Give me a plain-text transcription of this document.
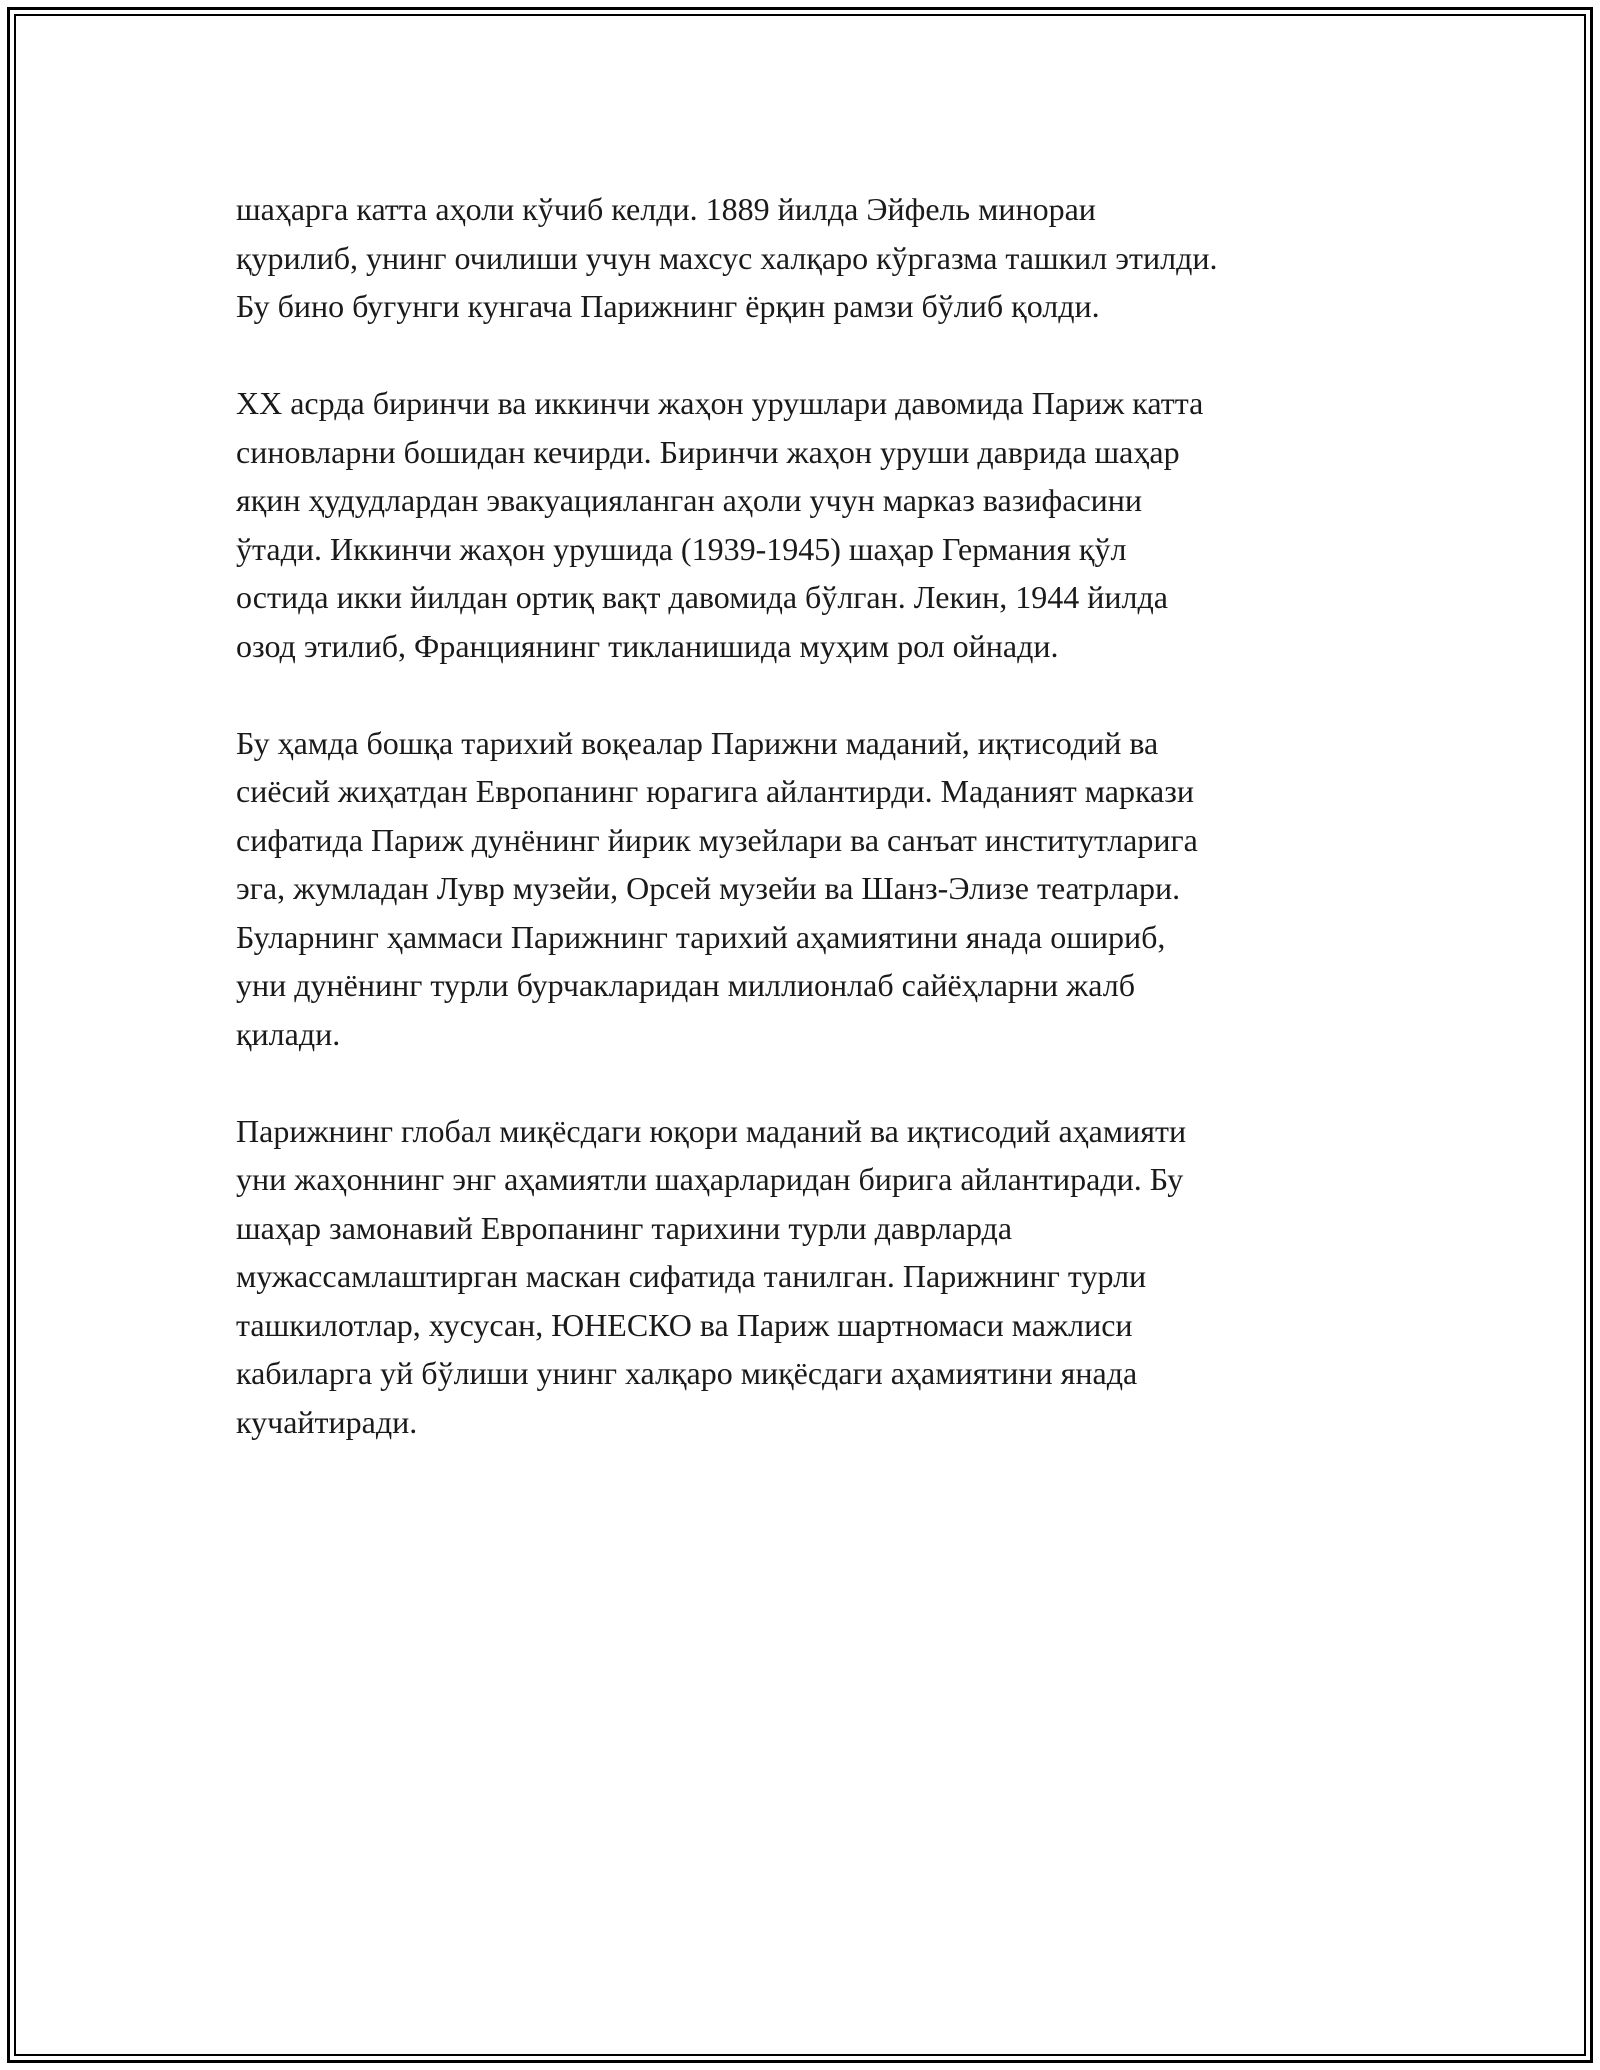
шаҳарга катта аҳоли кўчиб келди. 1889 йилда Эйфель минораи
қурилиб, унинг очилиши учун махсус халқаро кўргазма ташкил этилди.
Бу бино бугунги кунгача Парижнинг ёрқин рамзи бўлиб қолди.

XX асрда биринчи ва иккинчи жаҳон урушлари давомида Париж катта
синовларни бошидан кечирди. Биринчи жаҳон уруши даврида шаҳар
яқин ҳудудлардан эвакуацияланган аҳоли учун марказ вазифасини
ўтади. Иккинчи жаҳон урушида (1939-1945) шаҳар Германия қўл
остида икки йилдан ортиқ вақт давомида бўлган. Лекин, 1944 йилда
озод этилиб, Франциянинг тикланишида муҳим рол ойнади.

Бу ҳамда бошқа тарихий воқеалар Парижни маданий, иқтисодий ва
сиёсий жиҳатдан Европанинг юрагига айлантирди. Маданият маркази
сифатида Париж дунёнинг йирик музейлари ва санъат институтларига
эга, жумладан Лувр музейи, Орсей музейи ва Шанз-Элизе театрлари.
Буларнинг ҳаммаси Парижнинг тарихий аҳамиятини янада ошириб,
уни дунёнинг турли бурчакларидан миллионлаб сайёҳларни жалб
қилади.

Парижнинг глобал миқёсдаги юқори маданий ва иқтисодий аҳамияти
уни жаҳоннинг энг аҳамиятли шаҳарларидан бирига айлантиради. Бу
шаҳар замонавий Европанинг тарихини турли даврларда
мужассамлаштирган маскан сифатида танилган. Парижнинг турли
ташкилотлар, хусусан, ЮНЕСКО ва Париж шартномаси мажлиси
кабиларга уй бўлиши унинг халқаро миқёсдаги аҳамиятини янада
кучайтиради.
